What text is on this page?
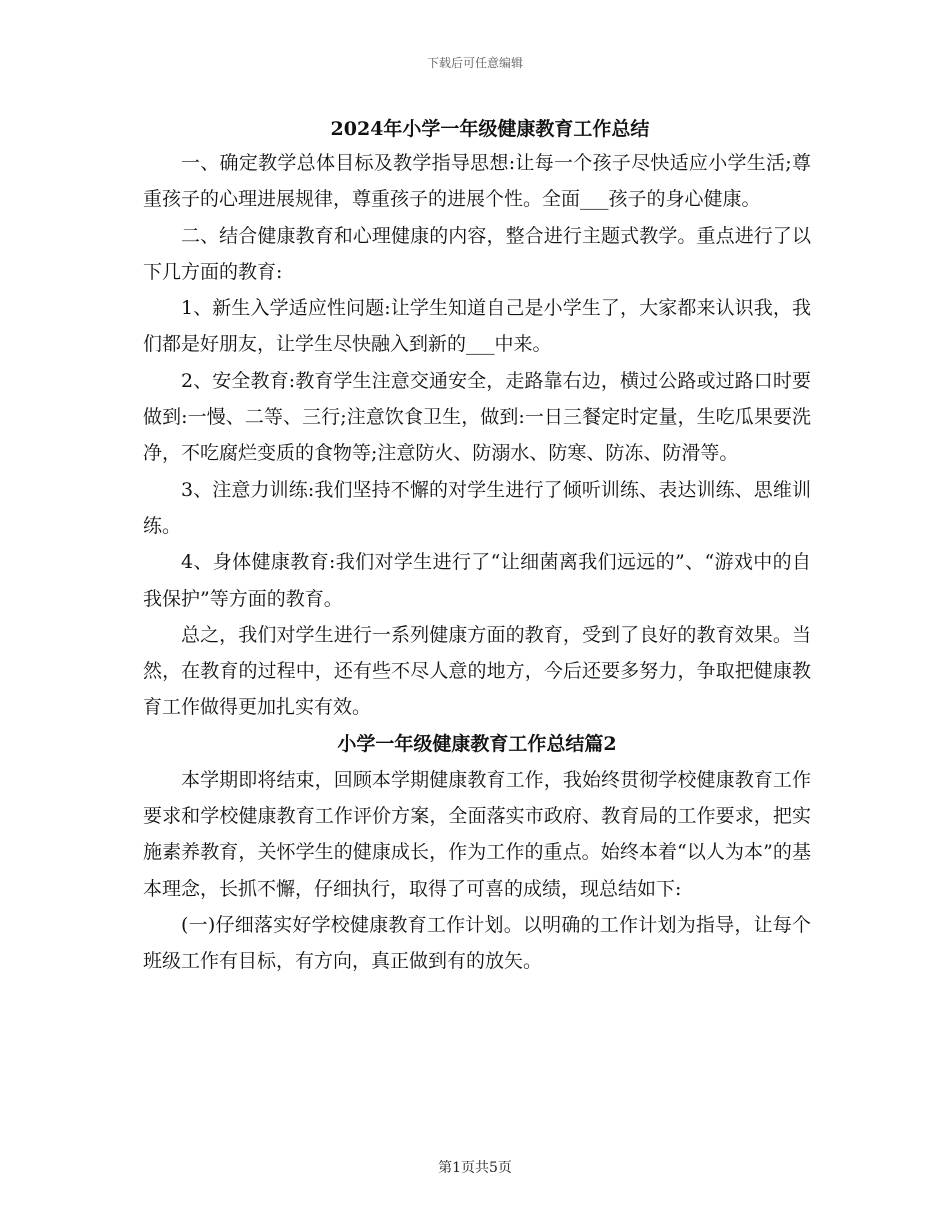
下载后可任意编辑
2024年小学一年级健康教育工作总结

一、确定教学总体目标及教学指导思想:让每一个孩子尽快适应小学生活;尊重孩子的心理进展规律，尊重孩子的进展个性。全面___孩子的身心健康。

二、结合健康教育和心理健康的内容，整合进行主题式教学。重点进行了以下几方面的教育:

1、新生入学适应性问题:让学生知道自己是小学生了，大家都来认识我，我们都是好朋友，让学生尽快融入到新的___中来。

2、安全教育:教育学生注意交通安全，走路靠右边，横过公路或过路口时要做到:一慢、二等、三行;注意饮食卫生，做到:一日三餐定时定量，生吃瓜果要洗净，不吃腐烂变质的食物等;注意防火、防溺水、防寒、防冻、防滑等。

3、注意力训练:我们坚持不懈的对学生进行了倾听训练、表达训练、思维训练。

4、身体健康教育:我们对学生进行了“让细菌离我们远远的”、“游戏中的自我保护”等方面的教育。

总之，我们对学生进行一系列健康方面的教育，受到了良好的教育效果。当然，在教育的过程中，还有些不尽人意的地方，今后还要多努力，争取把健康教育工作做得更加扎实有效。

小学一年级健康教育工作总结篇2

本学期即将结束，回顾本学期健康教育工作，我始终贯彻学校健康教育工作要求和学校健康教育工作评价方案，全面落实市政府、教育局的工作要求，把实施素养教育，关怀学生的健康成长，作为工作的重点。始终本着“以人为本”的基本理念，长抓不懈，仔细执行，取得了可喜的成绩，现总结如下:

(一)仔细落实好学校健康教育工作计划。以明确的工作计划为指导，让每个班级工作有目标，有方向，真正做到有的放矢。

第1页共5页
